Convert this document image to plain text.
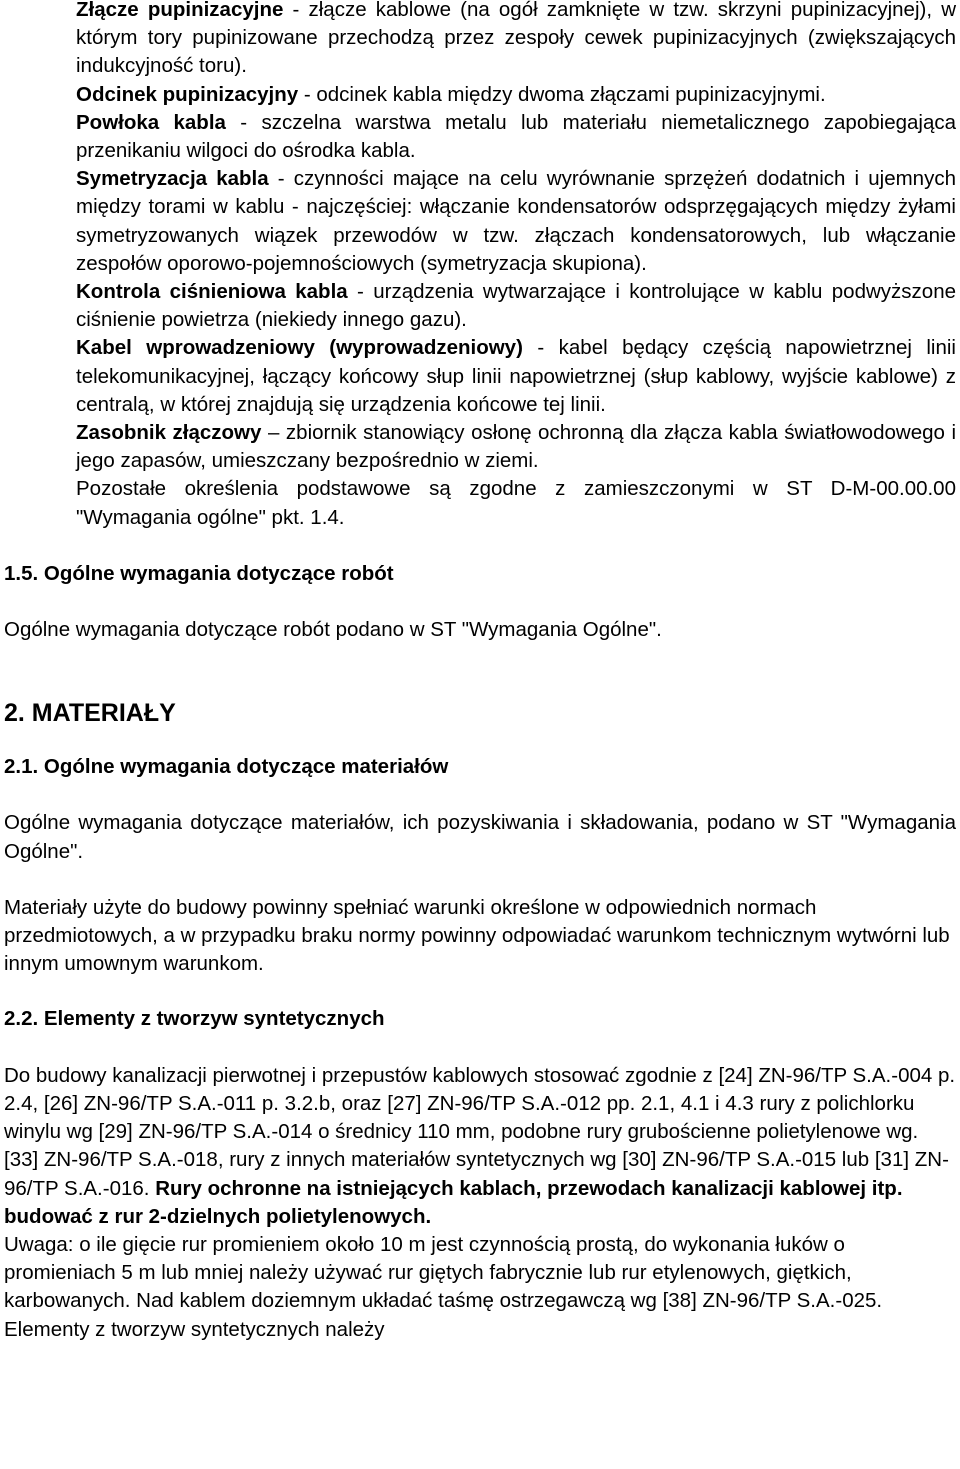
Złącze pupinizacyjne - złącze kablowe (na ogół zamknięte w tzw. skrzyni pupinizacyjnej), w którym tory pupinizowane przechodzą przez zespoły cewek pupinizacyjnych (zwiększających indukcyjność toru).

Odcinek pupinizacyjny - odcinek kabla między dwoma złączami pupinizacyjnymi.

Powłoka kabla - szczelna warstwa metalu lub materiału niemetalicznego zapobiegająca przenikaniu wilgoci do ośrodka kabla.

Symetryzacja kabla - czynności mające na celu wyrównanie sprzężeń dodatnich i ujemnych między torami w kablu - najczęściej: włączanie kondensatorów odsprzęgających między żyłami symetryzowanych wiązek przewodów w tzw. złączach kondensatorowych, lub włączanie zespołów oporowo-pojemnościowych (symetryzacja skupiona).

Kontrola ciśnieniowa kabla - urządzenia wytwarzające i kontrolujące w kablu podwyższone ciśnienie powietrza (niekiedy innego gazu).

Kabel wprowadzeniowy (wyprowadzeniowy) - kabel będący częścią napowietrznej linii telekomunikacyjnej, łączący końcowy słup linii napowietrznej (słup kablowy, wyjście kablowe) z centralą, w której znajdują się urządzenia końcowe tej linii.

Zasobnik złączowy – zbiornik stanowiący osłonę ochronną dla złącza kabla światłowodowego i jego zapasów, umieszczany bezpośrednio w ziemi.

Pozostałe określenia podstawowe są zgodne z zamieszczonymi w ST D-M-00.00.00 "Wymagania ogólne" pkt. 1.4.

1.5. Ogólne wymagania dotyczące robót

Ogólne wymagania dotyczące robót podano w ST "Wymagania Ogólne".

2. MATERIAŁY

2.1. Ogólne wymagania dotyczące materiałów

Ogólne wymagania dotyczące materiałów, ich pozyskiwania i składowania, podano w ST "Wymagania Ogólne".

Materiały użyte do budowy powinny spełniać warunki określone w odpowiednich normach przedmiotowych, a w przypadku braku normy powinny odpowiadać warunkom technicznym wytwórni lub innym umownym warunkom.

2.2. Elementy z tworzyw syntetycznych

Do budowy kanalizacji pierwotnej i przepustów kablowych stosować zgodnie z [24] ZN-96/TP S.A.-004 p. 2.4, [26] ZN-96/TP S.A.-011 p. 3.2.b, oraz [27] ZN-96/TP S.A.-012 pp. 2.1, 4.1 i 4.3 rury z polichlorku winylu wg [29] ZN-96/TP S.A.-014 o średnicy 110 mm, podobne rury grubościenne polietylenowe wg. [33] ZN-96/TP S.A.-018, rury z innych materiałów syntetycznych wg [30] ZN-96/TP S.A.-015 lub [31] ZN-96/TP S.A.-016. Rury ochronne na istniejących kablach, przewodach kanalizacji kablowej itp. budować z rur 2-dzielnych polietylenowych.

Uwaga: o ile gięcie rur promieniem około 10 m jest czynnością prostą, do wykonania łuków o promieniach 5 m lub mniej należy używać rur giętych fabrycznie lub rur etylenowych, giętkich, karbowanych. Nad kablem doziemnym układać taśmę ostrzegawczą wg [38] ZN-96/TP S.A.-025. Elementy z tworzyw syntetycznych należy
